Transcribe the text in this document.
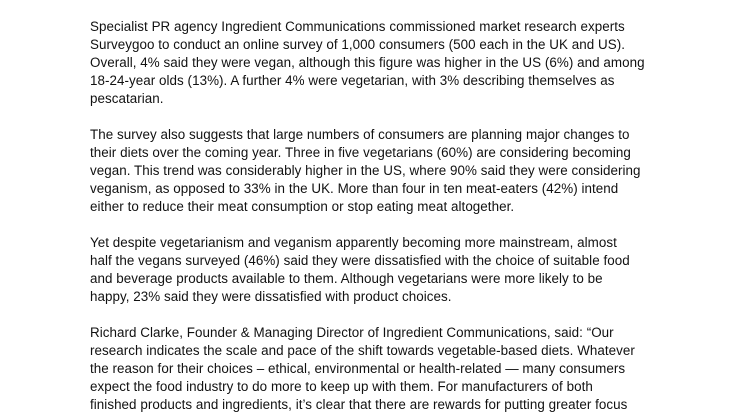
Specialist PR agency Ingredient Communications commissioned market research experts
Surveygoo to conduct an online survey of 1,000 consumers (500 each in the UK and US).
Overall, 4% said they were vegan, although this figure was higher in the US (6%) and among
18-24-year olds (13%). A further 4% were vegetarian, with 3% describing themselves as
pescatarian.

The survey also suggests that large numbers of consumers are planning major changes to
their diets over the coming year. Three in five vegetarians (60%) are considering becoming
vegan. This trend was considerably higher in the US, where 90% said they were considering
veganism, as opposed to 33% in the UK. More than four in ten meat-eaters (42%) intend
either to reduce their meat consumption or stop eating meat altogether.

Yet despite vegetarianism and veganism apparently becoming more mainstream, almost
half the vegans surveyed (46%) said they were dissatisfied with the choice of suitable food
and beverage products available to them. Although vegetarians were more likely to be
happy, 23% said they were dissatisfied with product choices.

Richard Clarke, Founder & Managing Director of Ingredient Communications, said: “Our
research indicates the scale and pace of the shift towards vegetable-based diets. Whatever
the reason for their choices – ethical, environmental or health-related — many consumers
expect the food industry to do more to keep up with them. For manufacturers of both
finished products and ingredients, it’s clear that there are rewards for putting greater focus
